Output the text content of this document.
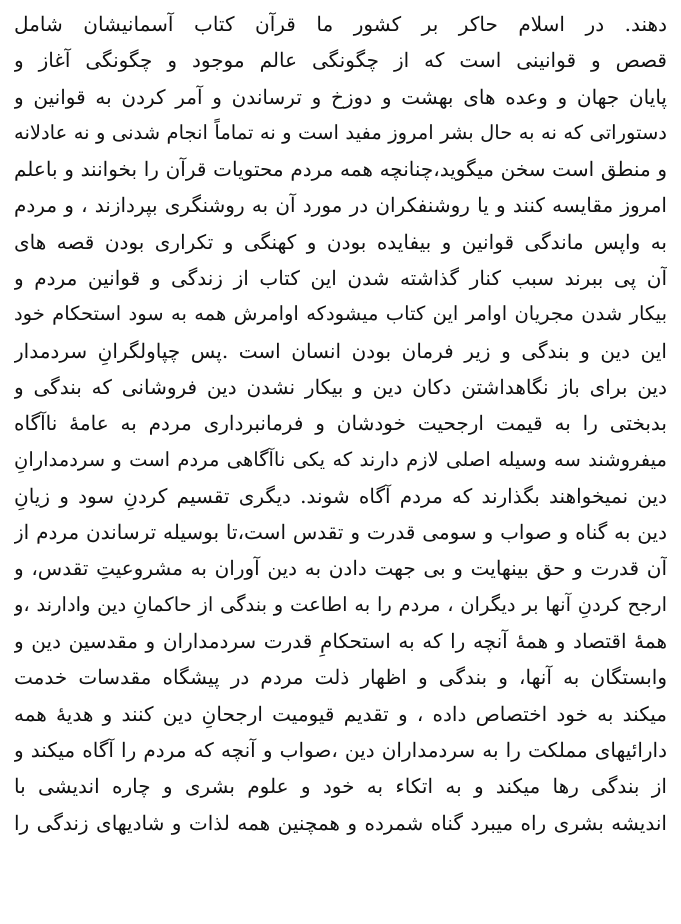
دهند. در اسلام حاکر بر کشور ما قرآن کتاب آسمانیشان شامل
قصص و قوانینی است که از چگونگی عالم موجود و چگونگی آغاز و
پایان جهان و وعده های بهشت و دوزخ و ترساندن و آمر کردن به قوانین و
دستوراتی که نه به حال بشر امروز مفید است و نه تماماً انجام شدنی و نه عادلانه
و منطق است سخن میگوید،چنانچه همه مردم محتویات قرآن را بخوانند و باعلم
امروز مقایسه کنند و یا روشنفکران در مورد آن به روشنگری بپردازند ، و مردم
به واپس ماندگی قوانین و بیفایده بودن و کهنگی و تکراری بودن قصه های
آن پی ببرند سبب کنار گذاشته شدن این کتاب از زندگی و قوانین مردم و
بیکار شدن مجریان اوامر این کتاب میشودکه اوامرش همه به سود استحکام خود
این دین و بندگی و زیر فرمان بودن انسان است .پس چپاولگرانِ سردمدار
دین برای باز نگاهداشتن دکان دین و بیکار نشدن دین فروشانی که بندگی و
بدبختی را به قیمت ارجحیت خودشان و فرمانبرداری مردم به عامهٔ ناآگاه
میفروشند سه وسیله اصلی لازم دارند که یکی ناآگاهی مردم است و سردمدارانِ
دین نمیخواهند بگذارند که مردم آگاه شوند. دیگری تقسیم کردنِ سود و زیانِ
دین به گناه و صواب و سومی قدرت و تقدس است،تا بوسیله ترساندن مردم از
آن قدرت و حق بینهایت و بی جهت دادن به دین آوران به مشروعیتِ تقدس، و
ارجح کردنِ آنها بر دیگران ، مردم را به اطاعت و بندگی از حاکمانِ دین وادارند ،و
همهٔ اقتصاد و همهٔ آنچه را که به استحکامِ قدرت سردمداران و مقدسین دین و
وابستگان به آنها، و بندگی و اظهار ذلت مردم در پیشگاه مقدسات خدمت
میکند به خود اختصاص داده ، و تقدیم قیومیت ارجحانِ دین کنند و هدیهٔ همه
دارائیهای مملکت را به سردمداران دین ،صواب و آنچه که مردم را آگاه میکند و
از بندگی رها میکند و به اتکاء به خود و علوم بشری و چاره اندیشی با
اندیشه بشری راه میبرد گناه شمرده و همچنین همه لذات و شادیهای زندگی را
